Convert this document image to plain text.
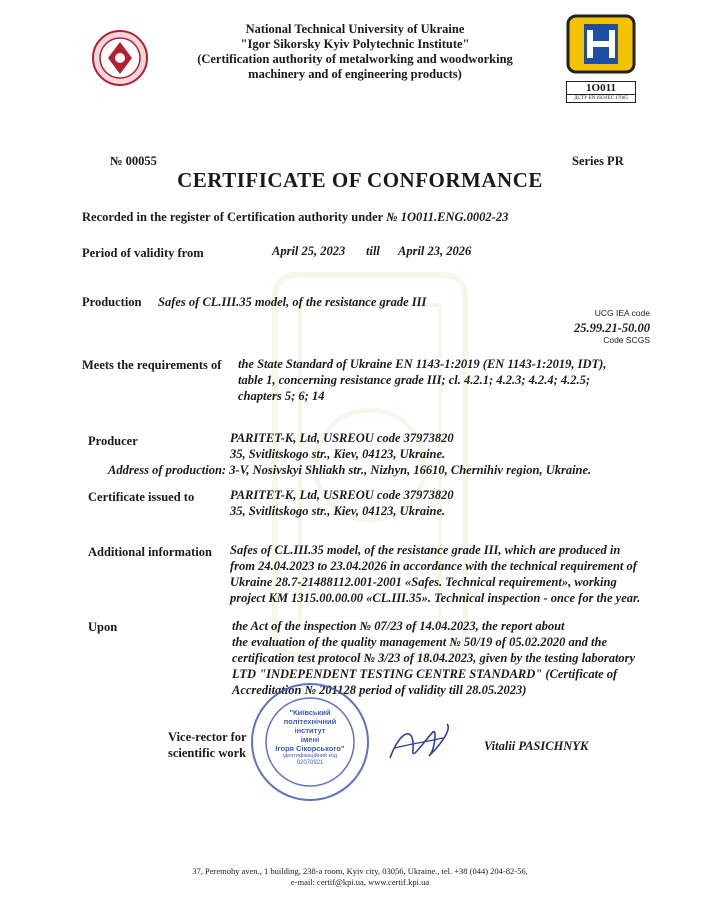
National Technical University of Ukraine
"Igor Sikorsky Kyiv Polytechnic Institute"
(Certification authority of metalworking and woodworking
machinery and of engineering products)
1O011
ДСТУ EN ISO/IEC 17065
№ 00055	Series PR
CERTIFICATE OF CONFORMANCE
Recorded in the register of Certification authority under № 1O011.ENG.0002-23
Period of validity from	April 25, 2023 till April 23, 2026
Production Safes of CL.III.35 model, of the resistance grade III
UCG IEA code
25.99.21-50.00
Code SCGS
Meets the requirements of the State Standard of Ukraine EN 1143-1:2019 (EN 1143-1:2019, IDT),
table 1, concerning resistance grade III; cl. 4.2.1; 4.2.3; 4.2.4; 4.2.5;
chapters 5; 6; 14
Producer	PARITET-K, Ltd, USREOU code 37973820
35, Svitlitskogo str., Kiev, 04123, Ukraine.
Address of production: 3-V, Nosivskyi Shliakh str., Nizhyn, 16610, Chernihiv region, Ukraine.
Certificate issued to	PARITET-K, Ltd, USREOU code 37973820
35, Svitlitskogo str., Kiev, 04123, Ukraine.
Additional information Safes of CL.III.35 model, of the resistance grade III, which are produced in
from 24.04.2023 to 23.04.2026 in accordance with the technical requirement of
Ukraine 28.7-21488112.001-2001 «Safes. Technical requirement», working
project KM 1315.00.00.00 «CL.III.35». Technical inspection - once for the year.
Upon	the Act of the inspection № 07/23 of 14.04.2023, the report about
the evaluation of the quality management № 50/19 of 05.02.2020 and the
certification test protocol № 3/23 of 18.04.2023, given by the testing laboratory
LTD "INDEPENDENT TESTING CENTRE STANDARD" (Certificate of
Accreditation № 201128 period of validity till 28.05.2023)
Vice-rector for
scientific work
"Київський
політехнічний
інститут
імені
Ігоря Сікорського"
ідентифікаційний код
02070921
Vitalii PASICHNYK
37, Peremohy aven., 1 building, 238-a room, Kyiv city, 03056, Ukraine., tel. +38 (044) 204-82-56,
e-mail: certif@kpi.ua, www.certif.kpi.ua
